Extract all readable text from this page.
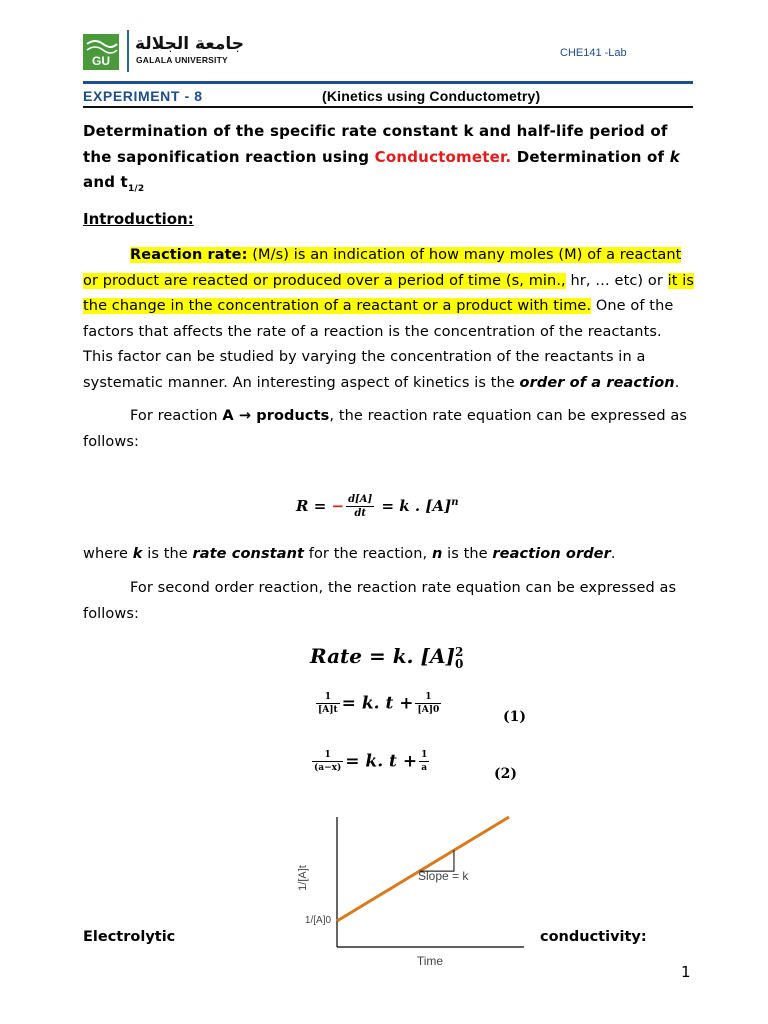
GU
جامعة الجلالة
GALALA UNIVERSITY
CHE141 -Lab
EXPERIMENT - 8	(Kinetics using Conductometry)
Determination of the specific rate constant k and half-life period of the saponification reaction using Conductometer. Determination of k and $t_{1/2}$
Introduction:
Reaction rate: (M/s) is an indication of how many moles (M) of a reactant or product are reacted or produced over a period of time (s, min., hr, … etc) or it is the change in the concentration of a reactant or a product with time. One of the factors that affects the rate of a reaction is the concentration of the reactants. This factor can be studied by varying the concentration of the reactants in a systematic manner. An interesting aspect of kinetics is the order of a reaction.
For reaction A → products, the reaction rate equation can be expressed as follows:
R = − $\frac{d[A]}{dt} = k$ . $[A]^n$
where k is the rate constant for the reaction, n is the reaction order.
For second order reaction, the reaction rate equation can be expressed as follows:
Rate = k. [A] 2
0
$\frac{1}{[A]t} = k$. $t + \frac{1}{[A]0}$	(1)
$\frac{1}{(a-x)} = k$. $t + \frac{1}{a}$	(2)
Slope = k
Time
1/[A]t
1/[A]0
Electrolytic	conductivity:
1
